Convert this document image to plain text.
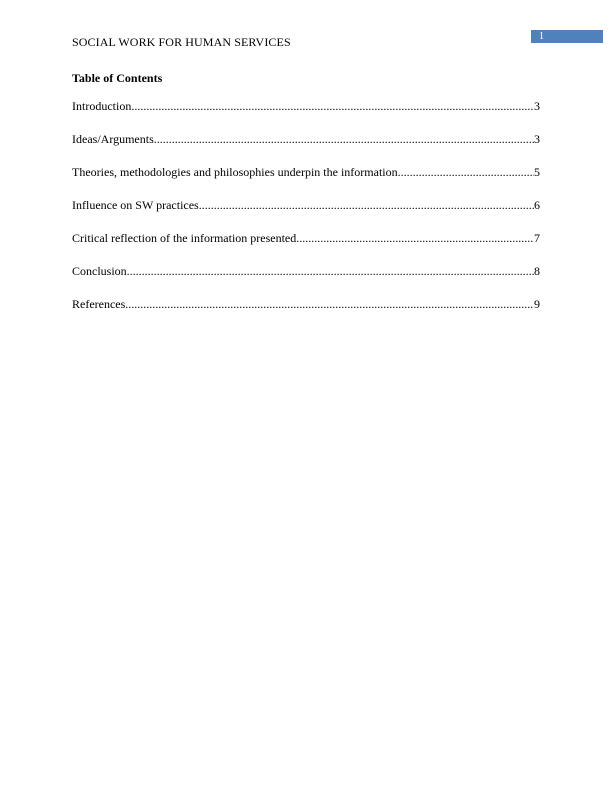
SOCIAL WORK FOR HUMAN SERVICES	1
Table of Contents
Introduction .....	3
Ideas/Arguments .....	3
Theories, methodologies and philosophies underpin the information .....	5
Influence on SW practices .....	6
Critical reflection of the information presented .....	7
Conclusion .....	8
References .....	9
